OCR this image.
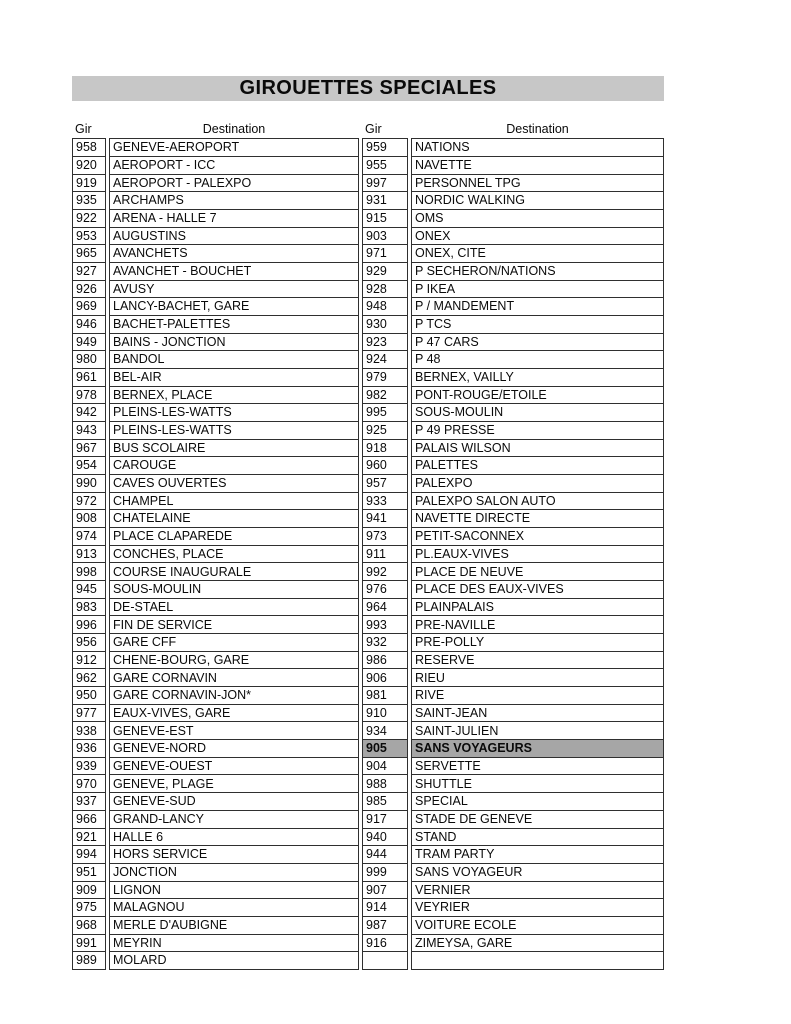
GIROUETTES SPECIALES
Gir	Destination	Gir	Destination
958	GENEVE-AEROPORT	959	NATIONS
920	AEROPORT - ICC	955	NAVETTE
919	AEROPORT - PALEXPO	997	PERSONNEL TPG
935	ARCHAMPS	931	NORDIC WALKING
922	ARENA - HALLE 7	915	OMS
953	AUGUSTINS	903	ONEX
965	AVANCHETS	971	ONEX, CITE
927	AVANCHET - BOUCHET	929	P SECHERON/NATIONS
926	AVUSY	928	P IKEA
969	LANCY-BACHET, GARE	948	P / MANDEMENT
946	BACHET-PALETTES	930	P TCS
949	BAINS - JONCTION	923	P 47 CARS
980	BANDOL	924	P 48
961	BEL-AIR	979	BERNEX, VAILLY
978	BERNEX, PLACE	982	PONT-ROUGE/ETOILE
942	PLEINS-LES-WATTS	995	SOUS-MOULIN
943	PLEINS-LES-WATTS	925	P 49 PRESSE
967	BUS SCOLAIRE	918	PALAIS WILSON
954	CAROUGE	960	PALETTES
990	CAVES OUVERTES	957	PALEXPO
972	CHAMPEL	933	PALEXPO SALON AUTO
908	CHATELAINE	941	NAVETTE DIRECTE
974	PLACE CLAPAREDE	973	PETIT-SACONNEX
913	CONCHES, PLACE	911	PL.EAUX-VIVES
998	COURSE INAUGURALE	992	PLACE DE NEUVE
945	SOUS-MOULIN	976	PLACE DES EAUX-VIVES
983	DE-STAEL	964	PLAINPALAIS
996	FIN DE SERVICE	993	PRE-NAVILLE
956	GARE CFF	932	PRE-POLLY
912	CHENE-BOURG, GARE	986	RESERVE
962	GARE CORNAVIN	906	RIEU
950	GARE CORNAVIN-JON*	981	RIVE
977	EAUX-VIVES, GARE	910	SAINT-JEAN
938	GENEVE-EST	934	SAINT-JULIEN
936	GENEVE-NORD	905	SANS VOYAGEURS
939	GENEVE-OUEST	904	SERVETTE
970	GENEVE, PLAGE	988	SHUTTLE
937	GENEVE-SUD	985	SPECIAL
966	GRAND-LANCY	917	STADE DE GENEVE
921	HALLE 6	940	STAND
994	HORS SERVICE	944	TRAM PARTY
951	JONCTION	999	SANS VOYAGEUR
909	LIGNON	907	VERNIER
975	MALAGNOU	914	VEYRIER
968	MERLE D'AUBIGNE	987	VOITURE ECOLE
991	MEYRIN	916	ZIMEYSA, GARE
989	MOLARD		
